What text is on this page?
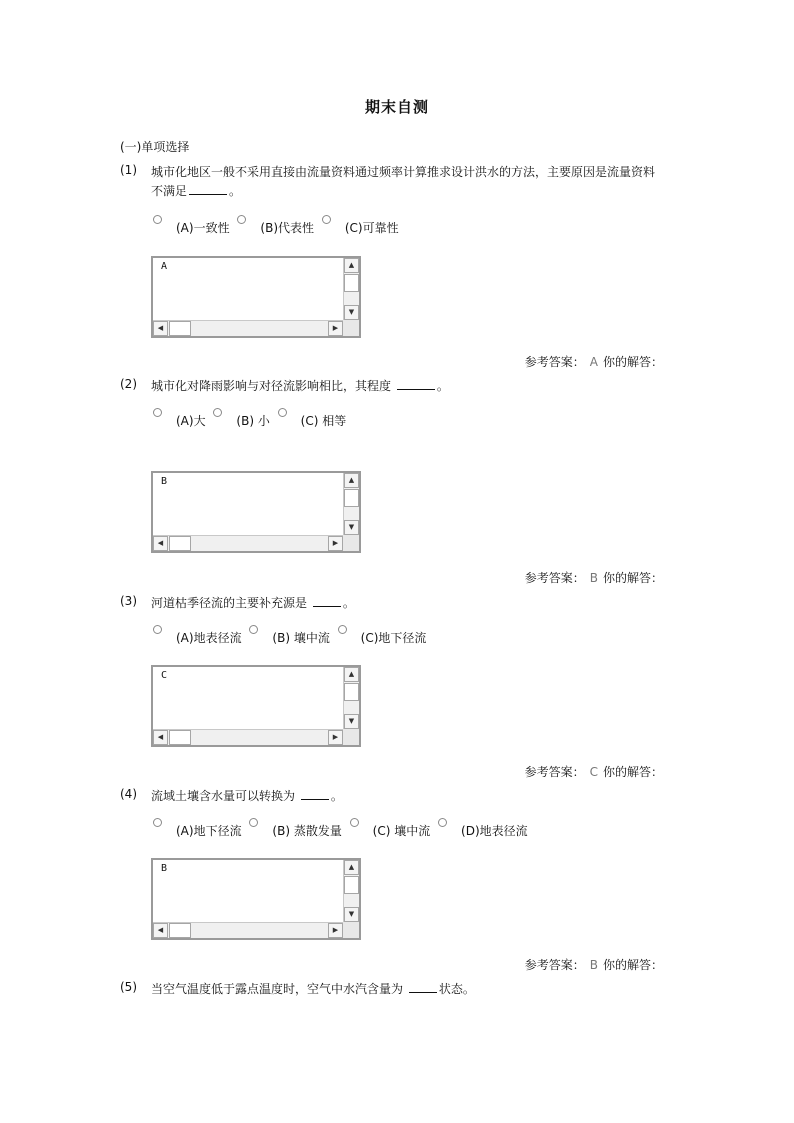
期末自测
(一)单项选择
(1) 城市化地区一般不采用直接由流量资料通过频率计算推求设计洪水的方法，主要原因是流量资料不满足	。
(A)一致性	(B)代表性	(C)可靠性
A	▲
▼
◀	▶
参考答案： A 你的解答：
(2) 城市化对降雨影响与对径流影响相比，其程度	。
(A)大	(B) 小	(C) 相等
B	▲
▼
◀	▶
参考答案： B 你的解答：
(3) 河道枯季径流的主要补充源是	。
(A)地表径流	(B) 壤中流	(C)地下径流
C	▲
▼
◀	▶
参考答案： C 你的解答：
(4) 流域土壤含水量可以转换为	。
(A)地下径流	(B) 蒸散发量	(C) 壤中流	(D)地表径流
B	▲
▼
◀	▶
参考答案： B 你的解答：
(5) 当空气温度低于露点温度时，空气中水汽含量为	状态。
